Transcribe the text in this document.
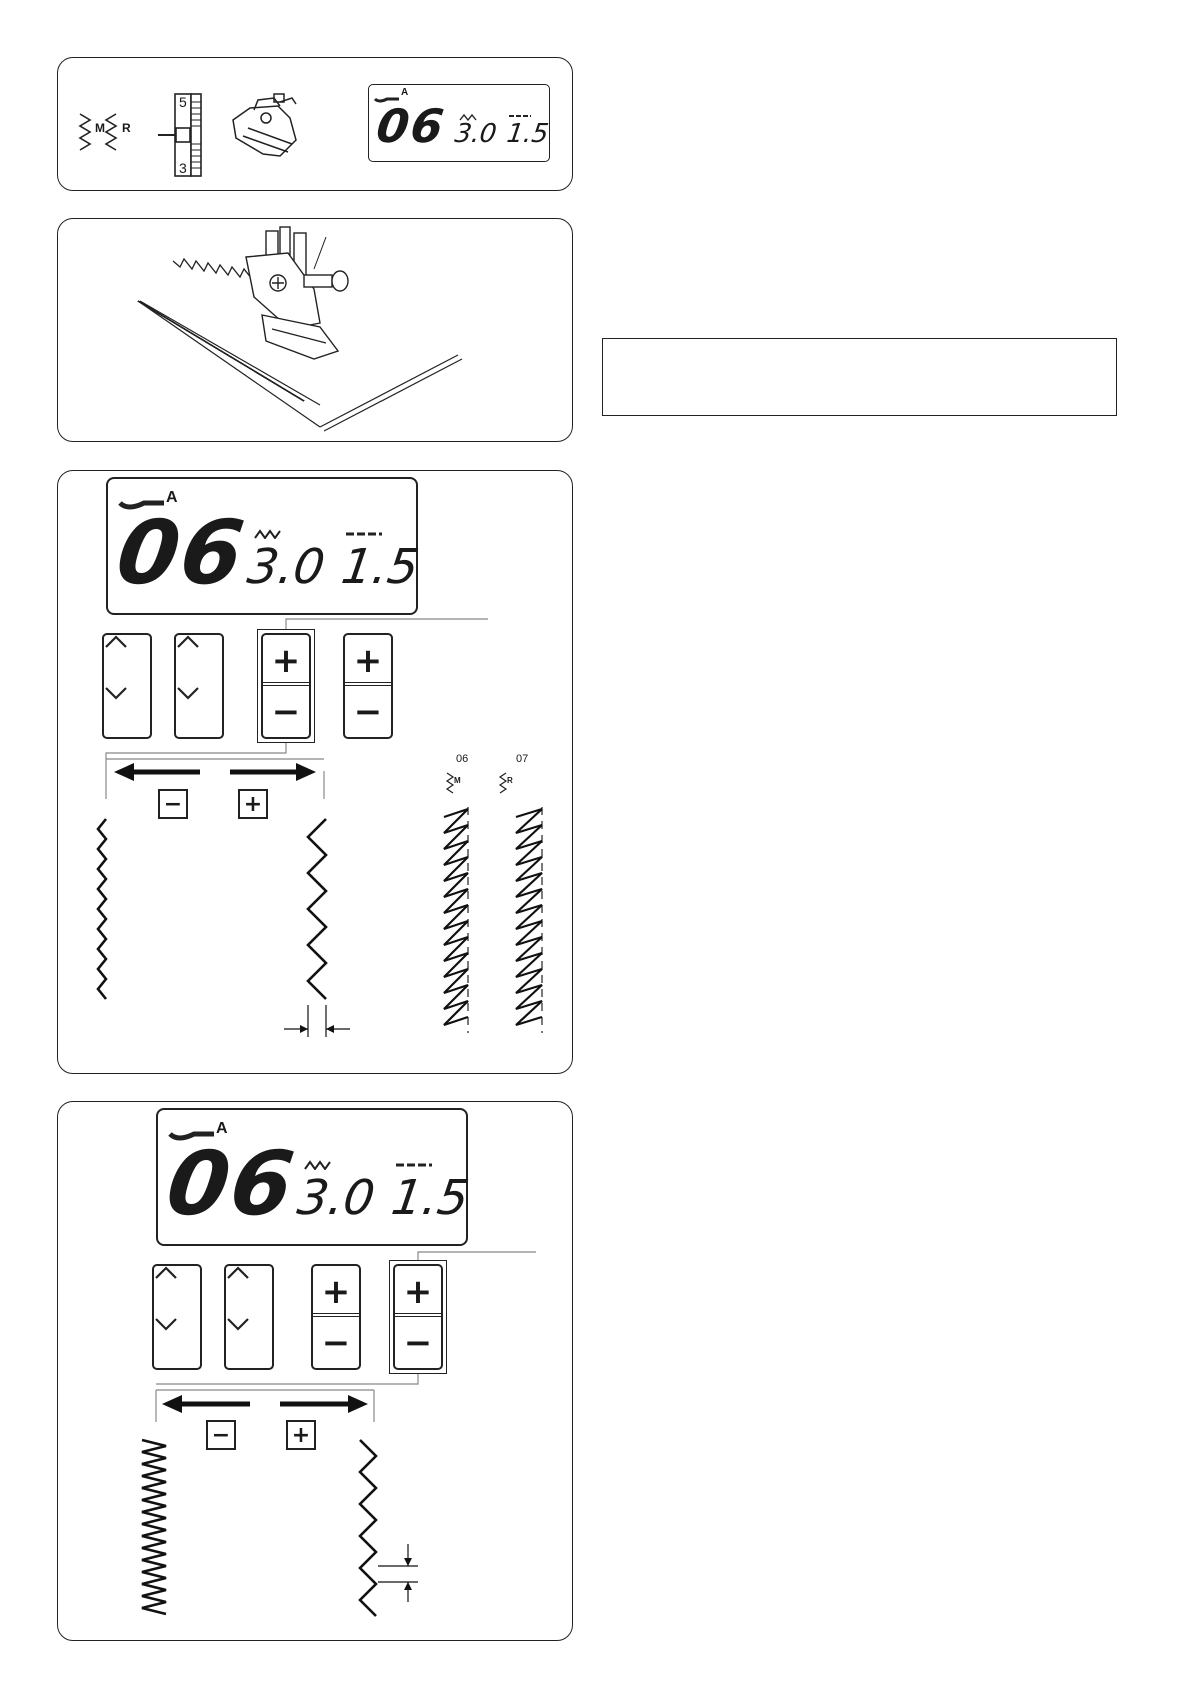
M R
5
3
A
06 3.0 1.5
A
06
3.0 1.5
+
−
+
−
−	+
06	07
M	R
A
06
3.0 1.5
+
−
+
−
−	+
